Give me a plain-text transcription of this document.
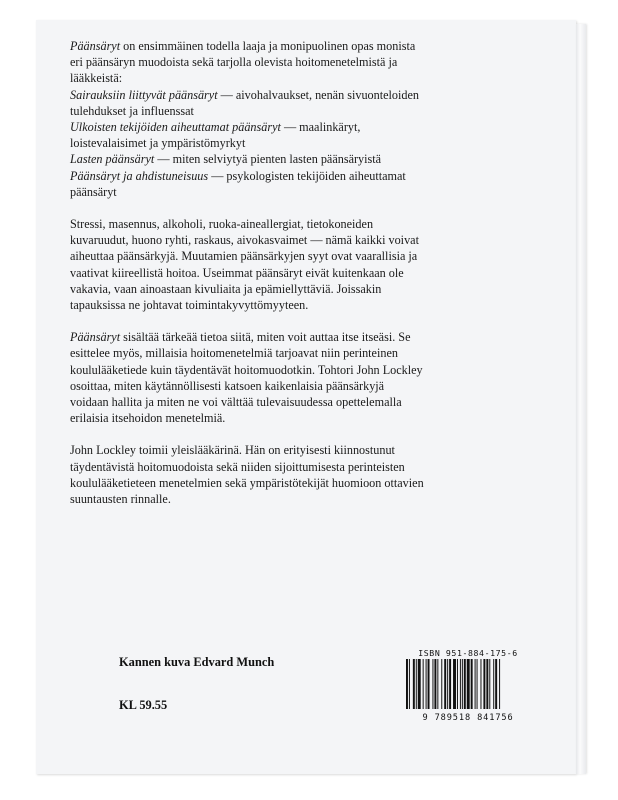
Päänsäryt on ensimmäinen todella laaja ja monipuolinen opas monista

eri päänsäryn muodoista sekä tarjolla olevista hoitomenetelmistä ja

lääkkeistä:

Sairauksiin liittyvät päänsäryt — aivohalvaukset, nenän sivuonteloiden

tulehdukset ja influenssat

Ulkoisten tekijöiden aiheuttamat päänsäryt — maalinkäryt,

loistevalaisimet ja ympäristömyrkyt

Lasten päänsäryt — miten selviytyä pienten lasten päänsäryistä

Päänsäryt ja ahdistuneisuus — psykologisten tekijöiden aiheuttamat

päänsäryt

Stressi, masennus, alkoholi, ruoka-aineallergiat, tietokoneiden

kuvaruudut, huono ryhti, raskaus, aivokasvaimet — nämä kaikki voivat

aiheuttaa päänsärkyjä. Muutamien päänsärkyjen syyt ovat vaarallisia ja

vaativat kiireellistä hoitoa. Useimmat päänsäryt eivät kuitenkaan ole

vakavia, vaan ainoastaan kivuliaita ja epämiellyttäviä. Joissakin

tapauksissa ne johtavat toimintakyvyttömyyteen.

Päänsäryt sisältää tärkeää tietoa siitä, miten voit auttaa itse itseäsi. Se

esittelee myös, millaisia hoitomenetelmiä tarjoavat niin perinteinen

koululääketiede kuin täydentävät hoitomuodotkin. Tohtori John Lockley

osoittaa, miten käytännöllisesti katsoen kaikenlaisia päänsärkyjä

voidaan hallita ja miten ne voi välttää tulevaisuudessa opettelemalla

erilaisia itsehoidon menetelmiä.

John Lockley toimii yleislääkärinä. Hän on erityisesti kiinnostunut

täydentävistä hoitomuodoista sekä niiden sijoittumisesta perinteisten

koululääketieteen menetelmien sekä ympäristötekijät huomioon ottavien

suuntausten rinnalle.

Kannen kuva Edvard Munch
KL 59.55
ISBN 951-884-175-6
9 789518 841756
